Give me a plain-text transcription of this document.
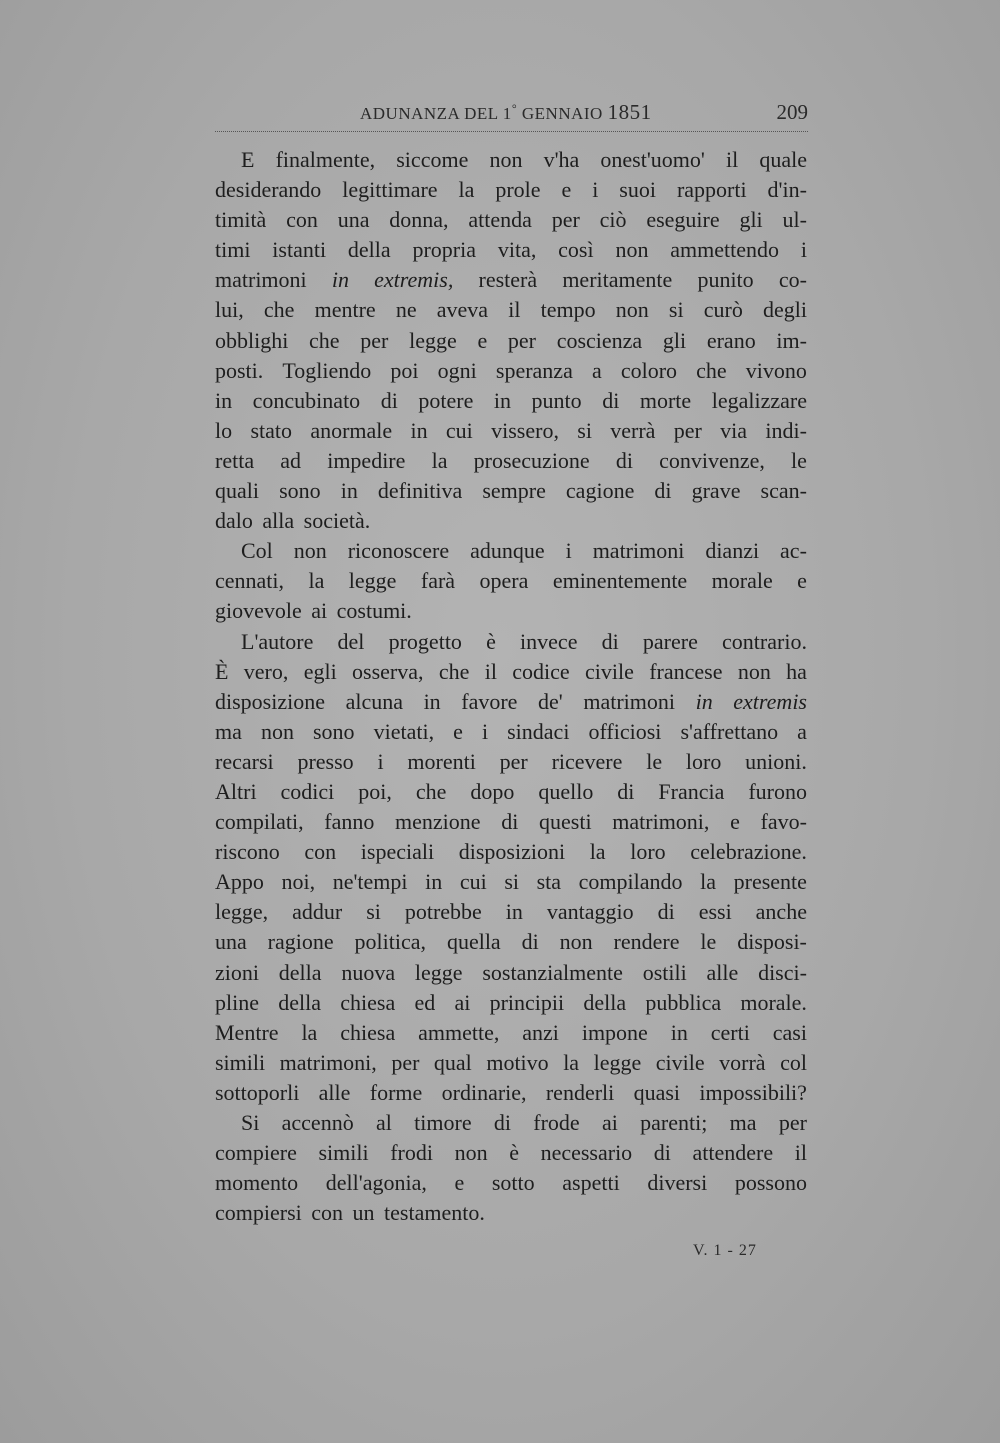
ADUNANZA DEL 1° GENNAIO 1851	209
E finalmente, siccome non v'ha onest'uomo' il quale
desiderando legittimare la prole e i suoi rapporti d'in-
timità con una donna, attenda per ciò eseguire gli ul-
timi istanti della propria vita, così non ammettendo i
matrimoni in extremis, resterà meritamente punito co-
lui, che mentre ne aveva il tempo non si curò degli
obblighi che per legge e per coscienza gli erano im-
posti. Togliendo poi ogni speranza a coloro che vivono
in concubinato di potere in punto di morte legalizzare
lo stato anormale in cui vissero, si verrà per via indi-
retta ad impedire la prosecuzione di convivenze, le
quali sono in definitiva sempre cagione di grave scan-
dalo alla società.
Col non riconoscere adunque i matrimoni dianzi ac-
cennati, la legge farà opera eminentemente morale e
giovevole ai costumi.
L'autore del progetto è invece di parere contrario.
È vero, egli osserva, che il codice civile francese non ha
disposizione alcuna in favore de' matrimoni in extremis
ma non sono vietati, e i sindaci officiosi s'affrettano a
recarsi presso i morenti per ricevere le loro unioni.
Altri codici poi, che dopo quello di Francia furono
compilati, fanno menzione di questi matrimoni, e favo-
riscono con ispeciali disposizioni la loro celebrazione.
Appo noi, ne'tempi in cui si sta compilando la presente
legge, addur si potrebbe in vantaggio di essi anche
una ragione politica, quella di non rendere le disposi-
zioni della nuova legge sostanzialmente ostili alle disci-
pline della chiesa ed ai principii della pubblica morale.
Mentre la chiesa ammette, anzi impone in certi casi
simili matrimoni, per qual motivo la legge civile vorrà col
sottoporli alle forme ordinarie, renderli quasi impossibili?
Si accennò al timore di frode ai parenti; ma per
compiere simili frodi non è necessario di attendere il
momento dell'agonia, e sotto aspetti diversi possono
compiersi con un testamento.
V. 1 - 27
